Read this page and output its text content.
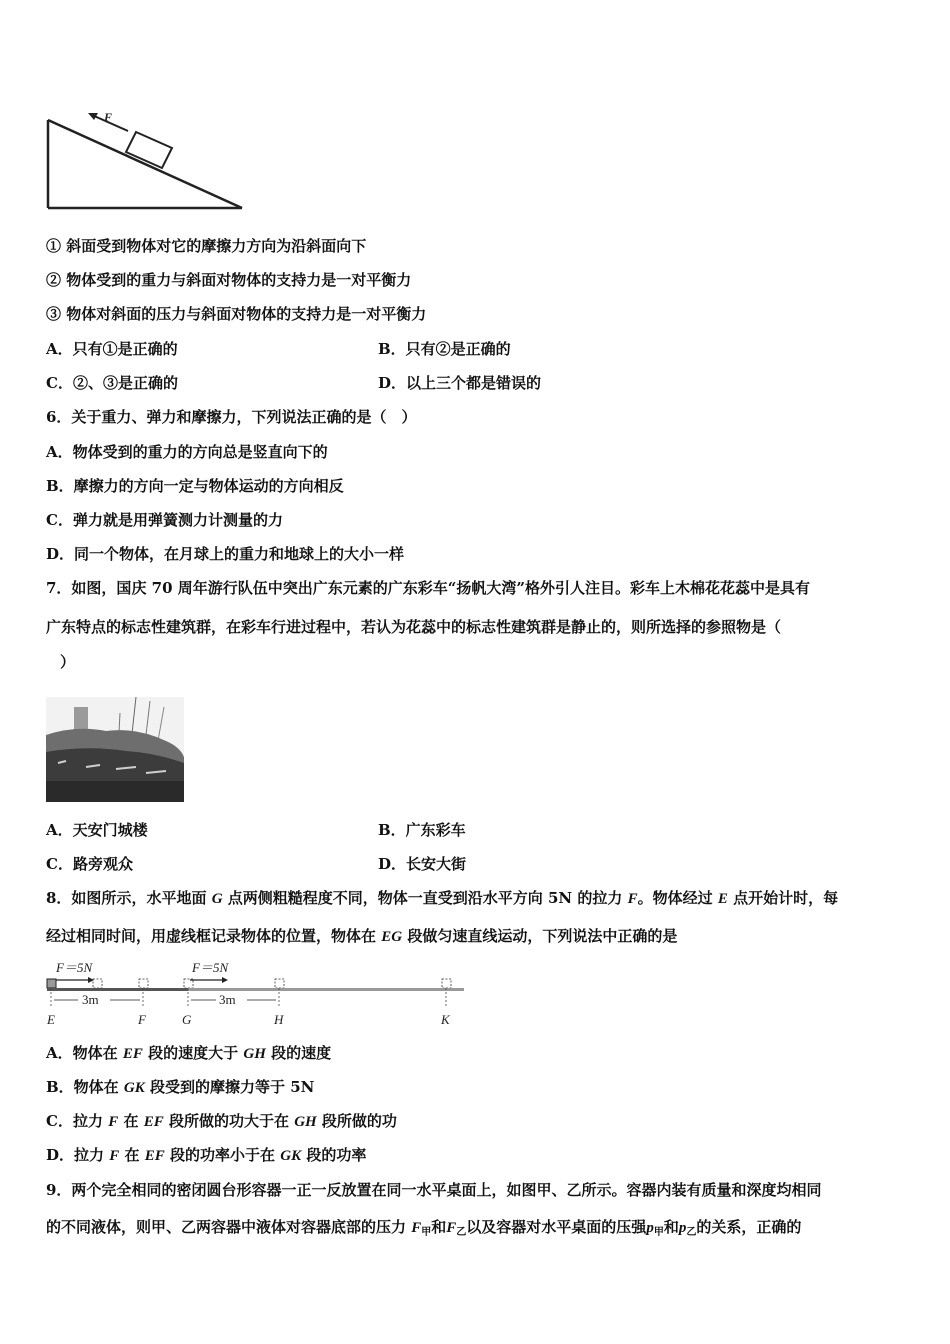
F
① 斜面受到物体对它的摩擦力方向为沿斜面向下
② 物体受到的重力与斜面对物体的支持力是一对平衡力
③ 物体对斜面的压力与斜面对物体的支持力是一对平衡力
A．只有①是正确的	B．只有②是正确的
C．②、③是正确的	D．以上三个都是错误的
6．关于重力、弹力和摩擦力，下列说法正确的是（　）
A．物体受到的重力的方向总是竖直向下的
B．摩擦力的方向一定与物体运动的方向相反
C．弹力就是用弹簧测力计测量的力
D．同一个物体，在月球上的重力和地球上的大小一样
7．如图，国庆 70 周年游行队伍中突出广东元素的广东彩车“扬帆大湾”格外引人注目。彩车上木棉花花蕊中是具有
广东特点的标志性建筑群，在彩车行进过程中，若认为花蕊中的标志性建筑群是静止的，则所选择的参照物是（
）
A．天安门城楼	B．广东彩车
C．路旁观众	D．长安大街
8．如图所示，水平地面 G 点两侧粗糙程度不同，物体一直受到沿水平方向 5N 的拉力 F。物体经过 E 点开始计时，每
经过相同时间，用虚线框记录物体的位置，物体在 EG 段做匀速直线运动，下列说法中正确的是
F＝5N	F＝5N
3m	3m
E	F	G	H	K
A．物体在 EF 段的速度大于 GH 段的速度
B．物体在 GK 段受到的摩擦力等于 5N
C．拉力 F 在 EF 段所做的功大于在 GH 段所做的功
D．拉力 F 在 EF 段的功率小于在 GK 段的功率
9．两个完全相同的密闭圆台形容器一正一反放置在同一水平桌面上，如图甲、乙所示。容器内装有质量和深度均相同
的不同液体，则甲、乙两容器中液体对容器底部的压力 $F_甲$和$F_乙$以及容器对水平桌面的压强$p_甲$和$p_乙$的关系，正确的
